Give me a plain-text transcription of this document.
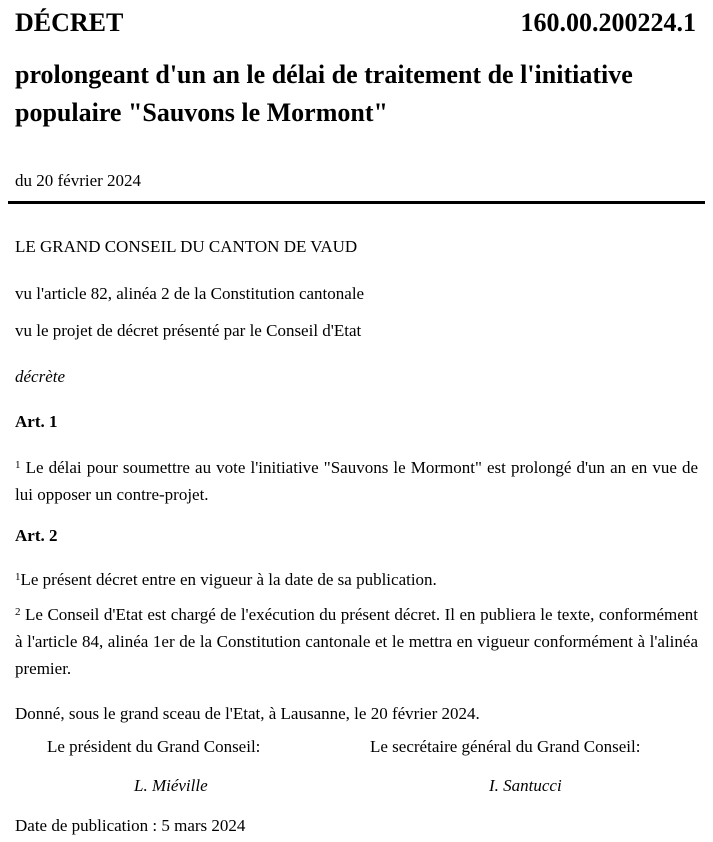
DÉCRET	160.00.200224.1
prolongeant d'un an le délai de traitement de l'initiative populaire "Sauvons le Mormont"
du 20 février 2024
LE GRAND CONSEIL DU CANTON DE VAUD
vu l'article 82, alinéa 2 de la Constitution cantonale
vu le projet de décret présenté par le Conseil d'Etat
décrète
Art. 1
$^1$ Le délai pour soumettre au vote l'initiative "Sauvons le Mormont" est prolongé d'un an en vue de lui opposer un contre-projet.
Art. 2
$^1$Le présent décret entre en vigueur à la date de sa publication.
$^2$ Le Conseil d'Etat est chargé de l'exécution du présent décret. Il en publiera le texte, conformément à l'article 84, alinéa 1er de la Constitution cantonale et le mettra en vigueur conformément à l'alinéa premier.
Donné, sous le grand sceau de l'Etat, à Lausanne, le 20 février 2024.
Le président du Grand Conseil:	Le secrétaire général du Grand Conseil:
L. Miéville	I. Santucci
Date de publication : 5 mars 2024
